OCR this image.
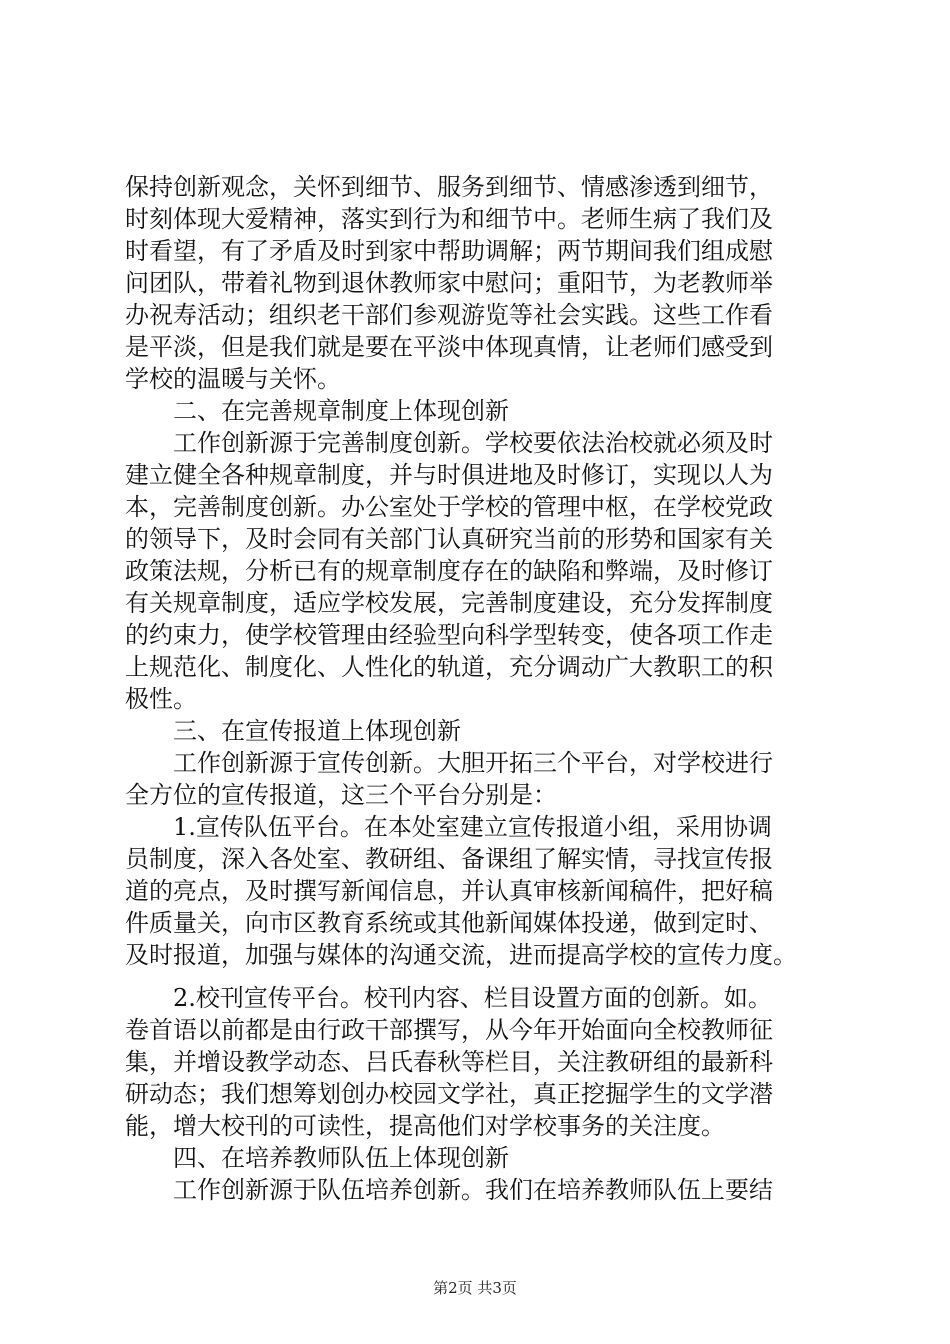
保持创新观念，关怀到细节、服务到细节、情感渗透到细节，
时刻体现大爱精神，落实到行为和细节中。老师生病了我们及
时看望，有了矛盾及时到家中帮助调解；两节期间我们组成慰
问团队，带着礼物到退休教师家中慰问；重阳节，为老教师举
办祝寿活动；组织老干部们参观游览等社会实践。这些工作看
是平淡，但是我们就是要在平淡中体现真情，让老师们感受到
学校的温暖与关怀。
　　二、在完善规章制度上体现创新
　　工作创新源于完善制度创新。学校要依法治校就必须及时
建立健全各种规章制度，并与时俱进地及时修订，实现以人为
本，完善制度创新。办公室处于学校的管理中枢，在学校党政
的领导下，及时会同有关部门认真研究当前的形势和国家有关
政策法规，分析已有的规章制度存在的缺陷和弊端，及时修订
有关规章制度，适应学校发展，完善制度建设，充分发挥制度
的约束力，使学校管理由经验型向科学型转变，使各项工作走
上规范化、制度化、人性化的轨道，充分调动广大教职工的积
极性。
　　三、在宣传报道上体现创新
　　工作创新源于宣传创新。大胆开拓三个平台，对学校进行
全方位的宣传报道，这三个平台分别是：
　　1.宣传队伍平台。在本处室建立宣传报道小组，采用协调
员制度，深入各处室、教研组、备课组了解实情，寻找宣传报
道的亮点，及时撰写新闻信息，并认真审核新闻稿件，把好稿
件质量关，向市区教育系统或其他新闻媒体投递，做到定时、
及时报道，加强与媒体的沟通交流，进而提高学校的宣传力度。
　　2.校刊宣传平台。校刊内容、栏目设置方面的创新。如。
卷首语以前都是由行政干部撰写，从今年开始面向全校教师征
集，并增设教学动态、吕氏春秋等栏目，关注教研组的最新科
研动态；我们想筹划创办校园文学社，真正挖掘学生的文学潜
能，增大校刊的可读性，提高他们对学校事务的关注度。
　　四、在培养教师队伍上体现创新
　　工作创新源于队伍培养创新。我们在培养教师队伍上要结
第2页 共3页
